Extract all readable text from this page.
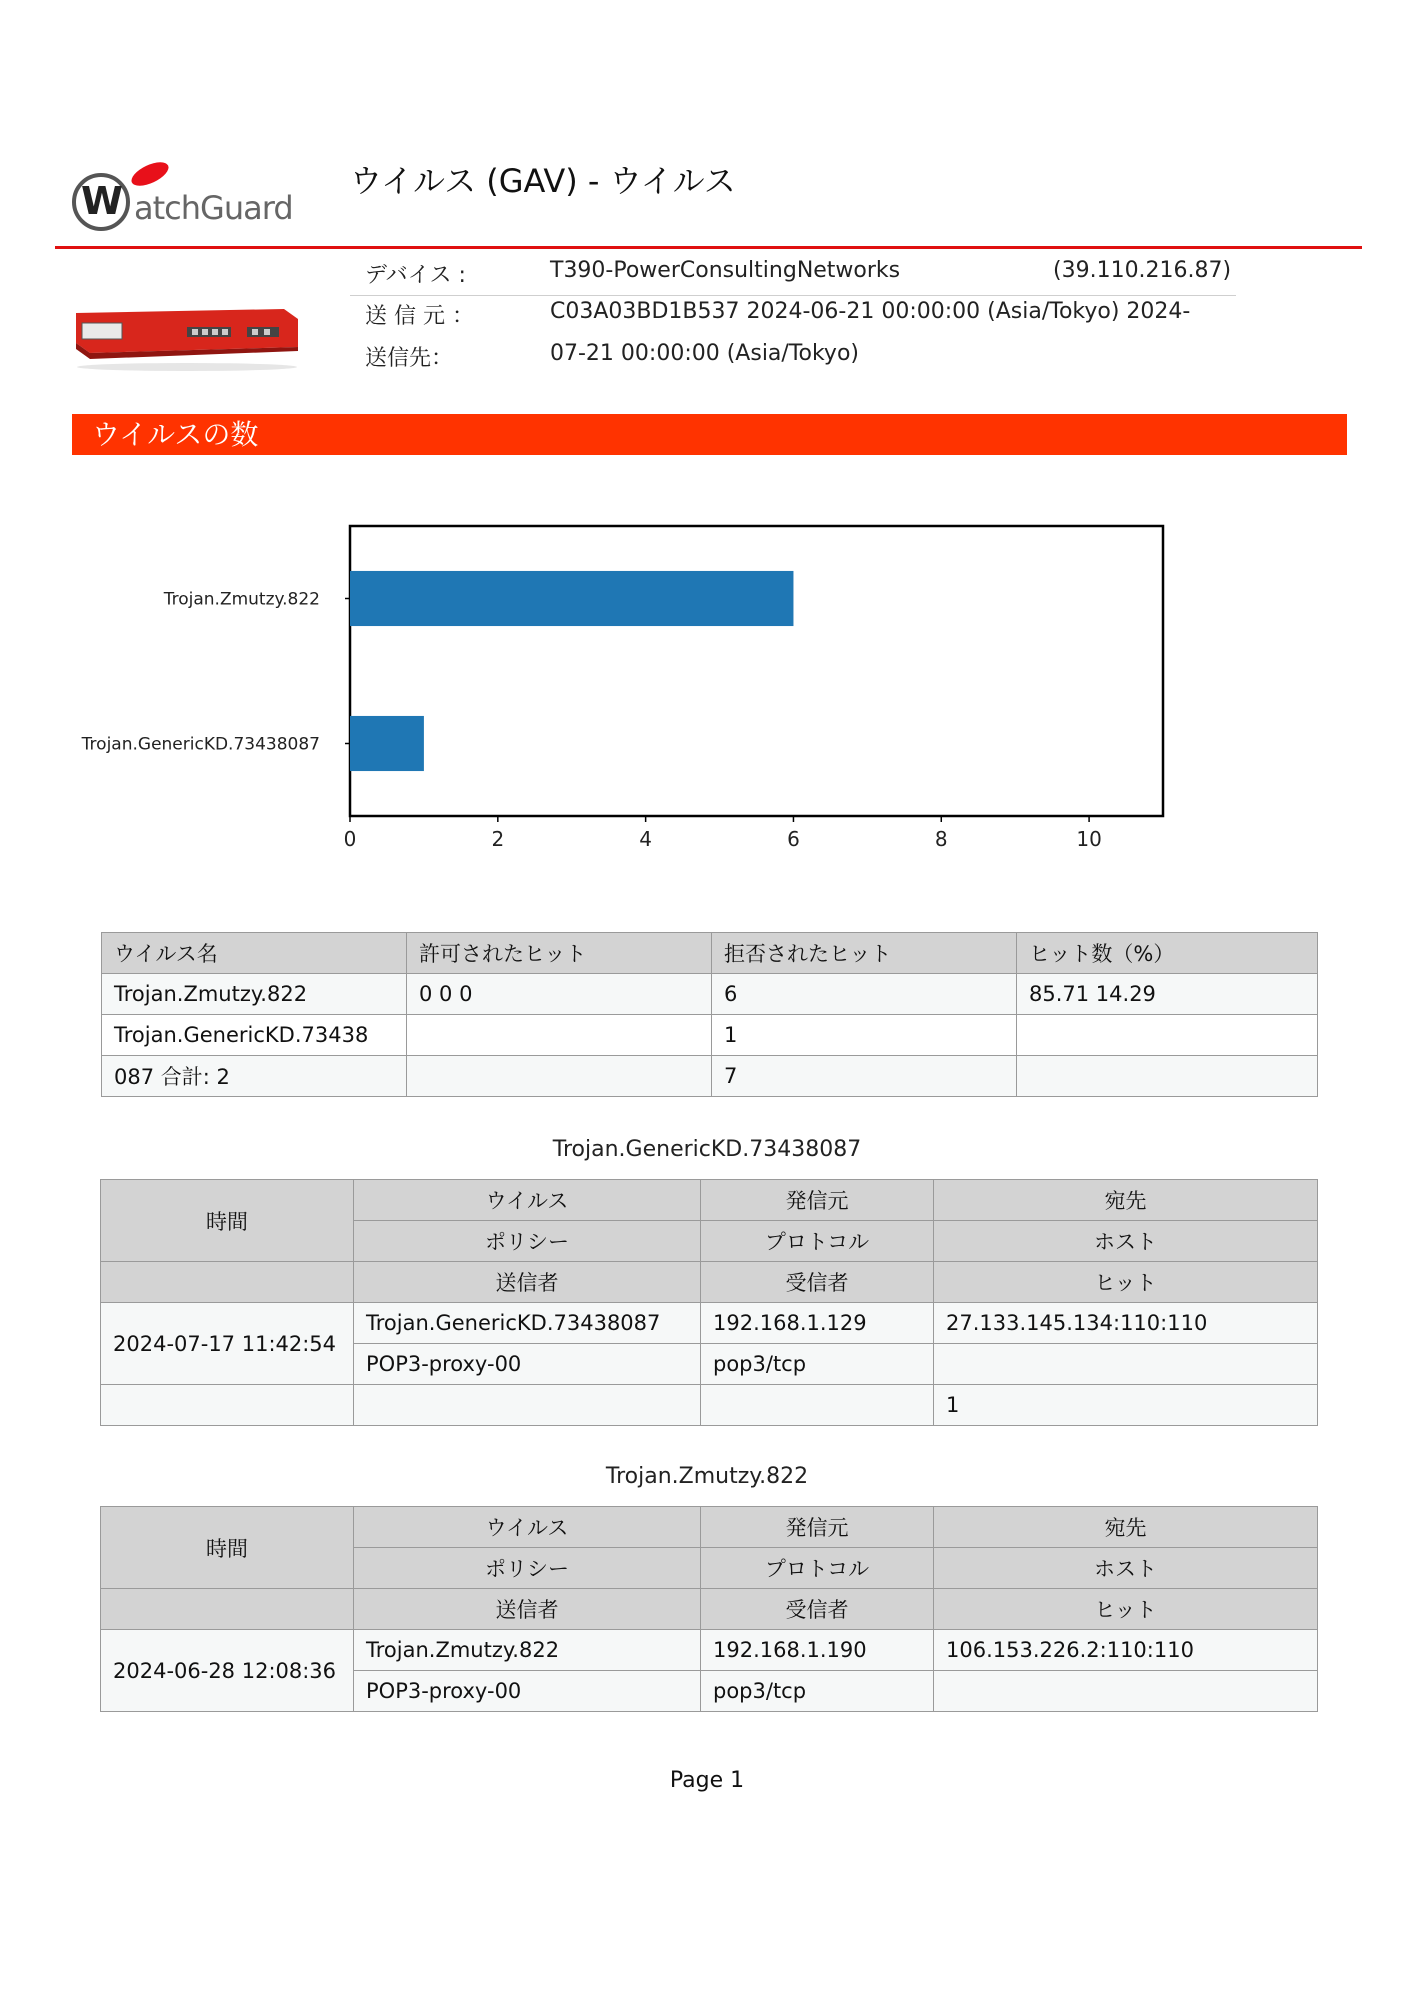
W atchGuard
ウイルス (GAV) - ウイルス
デバイス :	T390-PowerConsultingNetworks	(39.110.216.87)
送 信 元 ：	C03A03BD1B537 2024-06-21 00:00:00 (Asia/Tokyo) 2024-
送信先：	07-21 00:00:00 (Asia/Tokyo)
ウイルスの数
Trojan.Zmutzy.822
Trojan.GenericKD.73438087
0	2	4	6	8	10
ウイルス名	許可されたヒット	拒否されたヒット	ヒット数（%）
Trojan.Zmutzy.822	0 0 0	6	85.71 14.29
Trojan.GenericKD.73438		1	
087 合計: 2		7	
Trojan.GenericKD.73438087
時間	ウイルス	発信元	宛先
	ポリシー	プロトコル	ホスト
	送信者	受信者	ヒット
2024-07-17 11:42:54	Trojan.GenericKD.73438087	192.168.1.129	27.133.145.134:110:110
	POP3-proxy-00	pop3/tcp	
			1
Trojan.Zmutzy.822
時間	ウイルス	発信元	宛先
	ポリシー	プロトコル	ホスト
	送信者	受信者	ヒット
2024-06-28 12:08:36	Trojan.Zmutzy.822	192.168.1.190	106.153.226.2:110:110
	POP3-proxy-00	pop3/tcp	
Page 1
